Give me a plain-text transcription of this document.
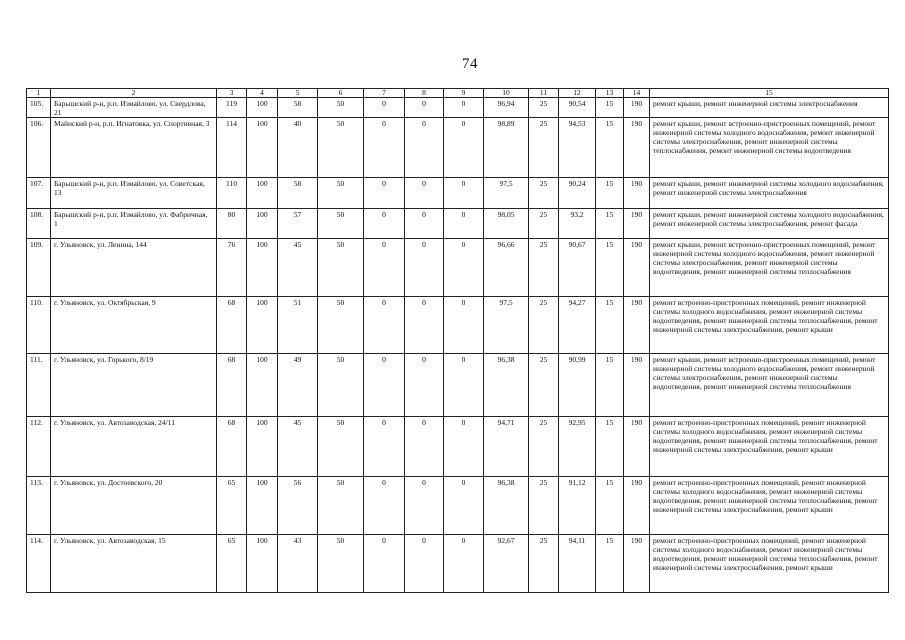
74
1	2	3	4	5	6	7	8	9	10	11	12	13	14	15
105.	Барышский р-н, р.п. Измайлово, ул. Свердлова, 21	119	100	58	50	0	0	0	96,94	25	90,54	15	190	ремонт крыши, ремонт инженерной системы электроснабжения
106.	Майнский р-н, р.п. Игнатовка, ул. Спортивная, 3	114	100	40	50	0	0	0	98,89	25	94,53	15	190	ремонт крыши, ремонт встроенно-пристроенных помещений, ремонт инженерной системы холодного водоснабжения, ремонт инженерной системы электроснабжения, ремонт инженерной системы теплоснабжения, ремонт инженерной системы водоотведения
107.	Барышский р-н, р.п. Измайлово, ул. Советская, 13	110	100	58	50	0	0	0	97,5	25	90,24	15	190	ремонт крыши, ремонт инженерной системы холодного водоснабжения, ремонт инженерной системы электроснабжения
108.	Барышский р-н, р.п. Измайлово, ул. Фабричная, 1	80	100	57	50	0	0	0	98,05	25	93,2	15	190	ремонт крыши, ремонт инженерной системы холодного водоснабжения, ремонт инженерной системы электроснабжения, ремонт фасада
109.	г. Ульяновск, ул. Ленина, 144	76	100	45	50	0	0	0	96,66	25	90,67	15	190	ремонт крыши, ремонт встроенно-пристроенных помещений, ремонт инженерной системы холодного водоснабжения, ремонт инженерной системы электроснабжения, ремонт инженерной системы водоотведения, ремонт инженерной системы теплоснабжения
110.	г. Ульяновск, ул. Октябрьская, 9	68	100	51	50	0	0	0	97,5	25	94,27	15	190	ремонт встроенно-пристроенных помещений, ремонт инженерной системы холодного водоснабжения, ремонт инженерной системы водоотведения, ремонт инженерной системы теплоснабжения, ремонт инженерной системы электроснабжения, ремонт крыши
111.	г. Ульяновск, ул. Горького, 8/19	68	100	49	50	0	0	0	96,38	25	90,99	15	190	ремонт крыши, ремонт встроенно-пристроенных помещений, ремонт инженерной системы холодного водоснабжения, ремонт инженерной системы электроснабжения, ремонт инженерной системы водоотведения, ремонт инженерной системы теплоснабжения
112.	г. Ульяновск, ул. Автозаводская, 24/11	68	100	45	50	0	0	0	94,71	25	92,95	15	190	ремонт встроенно-пристроенных помещений, ремонт инженерной системы холодного водоснабжения, ремонт инженерной системы водоотведения, ремонт инженерной системы теплоснабжения, ремонт инженерной системы электроснабжения, ремонт крыши
113.	г. Ульяновск, ул. Достоевского, 20	65	100	56	50	0	0	0	96,38	25	91,12	15	190	ремонт встроенно-пристроенных помещений, ремонт инженерной системы холодного водоснабжения, ремонт инженерной системы водоотведения, ремонт инженерной системы теплоснабжения, ремонт инженерной системы электроснабжения, ремонт крыши
114.	г. Ульяновск, ул. Автозаводская, 15	65	100	43	50	0	0	0	92,67	25	94,11	15	190	ремонт встроенно-пристроенных помещений, ремонт инженерной системы холодного водоснабжения, ремонт инженерной системы водоотведения, ремонт инженерной системы теплоснабжения, ремонт инженерной системы электроснабжения, ремонт крыши
